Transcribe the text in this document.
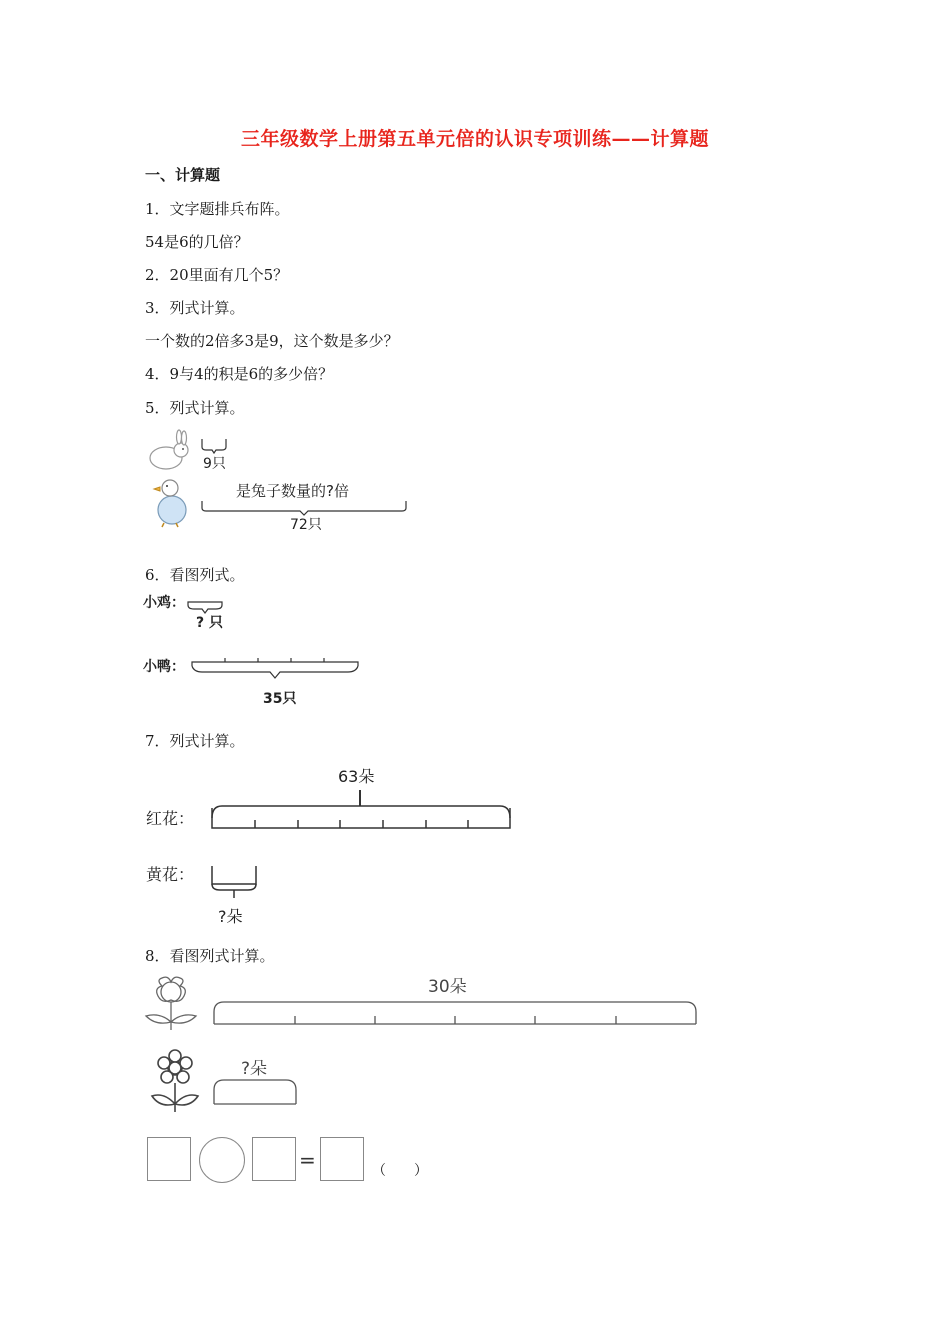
三年级数学上册第五单元倍的认识专项训练——计算题
一、计算题
1．文字题排兵布阵。
54是6的几倍？
2．20里面有几个5？
3．列式计算。
一个数的2倍多3是9，这个数是多少？
4．9与4的积是6的多少倍？
5．列式计算。
9只
是兔子数量的?倍
72只
6．看图列式。
小鸡：
? 只
小鸭：
35只
7．列式计算。
63朵
红花：
黄花：
?朵
8．看图列式计算。
30朵
?朵
=	（　　）
